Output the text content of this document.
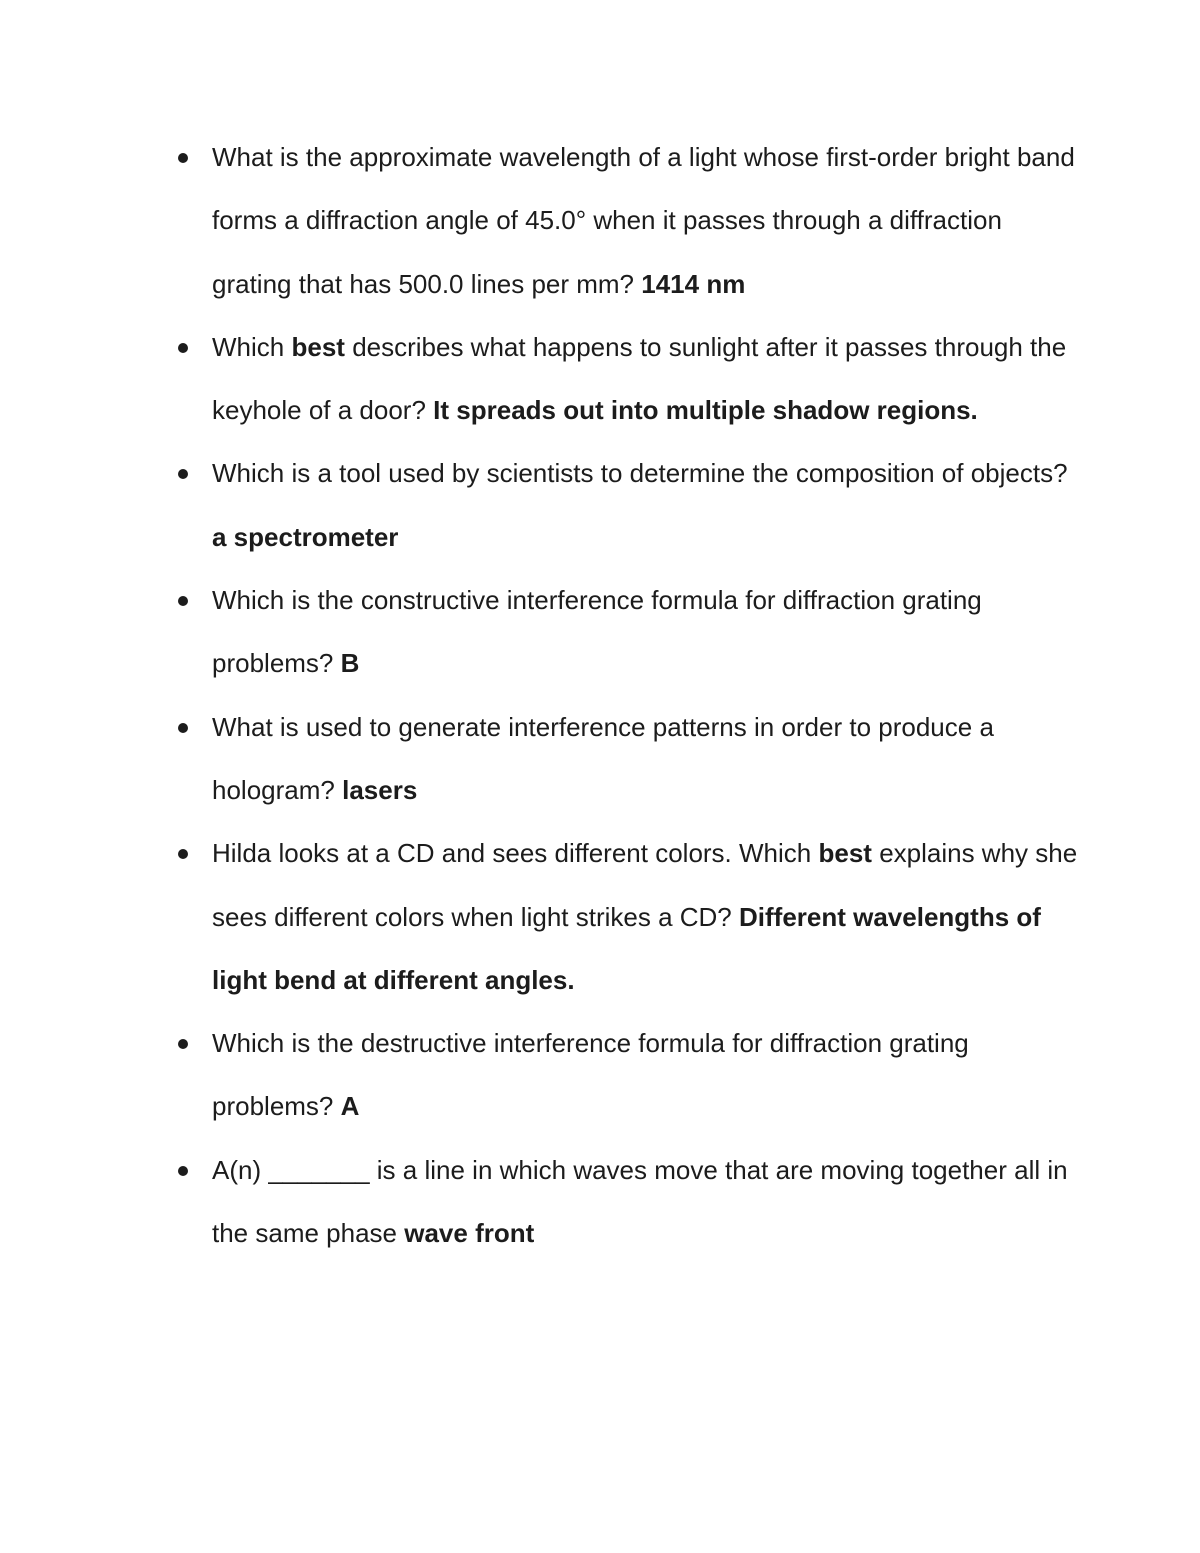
What is the approximate wavelength of a light whose first-order bright band forms a diffraction angle of 45.0° when it passes through a diffraction grating that has 500.0 lines per mm? 1414 nm
Which best describes what happens to sunlight after it passes through the keyhole of a door? It spreads out into multiple shadow regions.
Which is a tool used by scientists to determine the composition of objects? a spectrometer
Which is the constructive interference formula for diffraction grating problems? B
What is used to generate interference patterns in order to produce a hologram? lasers
Hilda looks at a CD and sees different colors. Which best explains why she sees different colors when light strikes a CD? Different wavelengths of light bend at different angles.
Which is the destructive interference formula for diffraction grating problems? A
A(n) _______ is a line in which waves move that are moving together all in the same phase wave front
